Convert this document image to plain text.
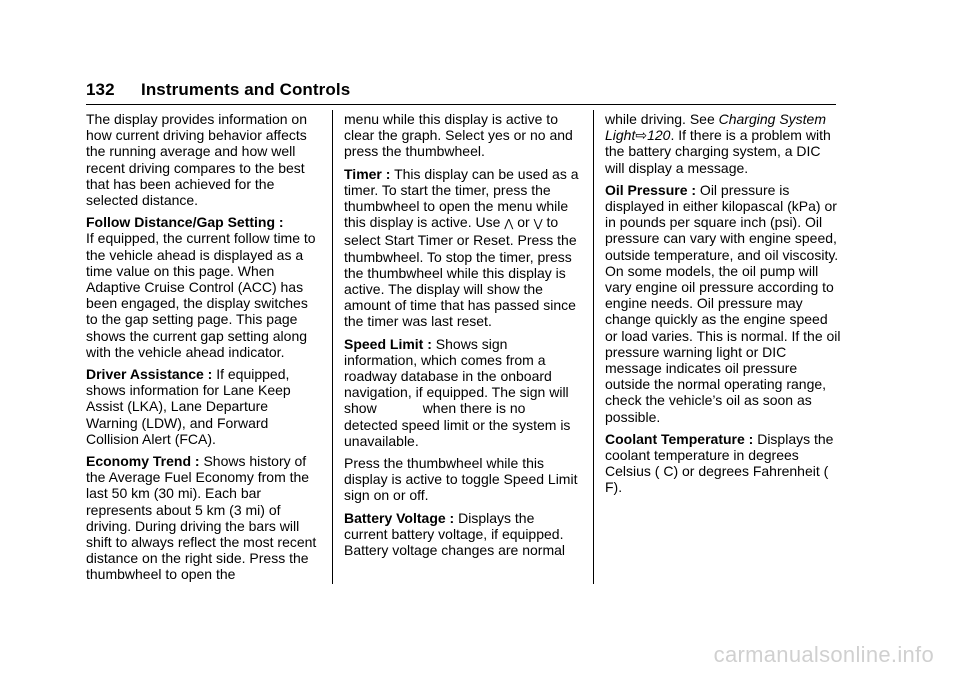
132 Instruments and Controls

The display provides information on how current driving behavior affects the running average and how well recent driving compares to the best that has been achieved for the selected distance.

Follow Distance/Gap Setting :
If equipped, the current follow time to the vehicle ahead is displayed as a time value on this page. When Adaptive Cruise Control (ACC) has been engaged, the display switches to the gap setting page. This page shows the current gap setting along with the vehicle ahead indicator.

Driver Assistance : If equipped, shows information for Lane Keep Assist (LKA), Lane Departure Warning (LDW), and Forward Collision Alert (FCA).

Economy Trend : Shows history of the Average Fuel Economy from the last 50 km (30 mi). Each bar represents about 5 km (3 mi) of driving. During driving the bars will shift to always reflect the most recent distance on the right side. Press the thumbwheel to open the

menu while this display is active to clear the graph. Select yes or no and press the thumbwheel.

Timer : This display can be used as a timer. To start the timer, press the thumbwheel to open the menu while this display is active. Use ⋀ or ⋁ to select Start Timer or Reset. Press the thumbwheel. To stop the timer, press the thumbwheel while this display is active. The display will show the amount of time that has passed since the timer was last reset.

Speed Limit : Shows sign information, which comes from a roadway database in the onboard navigation, if equipped. The sign will show	when there is no detected speed limit or the system is unavailable.

Press the thumbwheel while this display is active to toggle Speed Limit sign on or off.

Battery Voltage : Displays the current battery voltage, if equipped. Battery voltage changes are normal

while driving. See Charging System Light⇨120. If there is a problem with the battery charging system, a DIC will display a message.

Oil Pressure : Oil pressure is displayed in either kilopascal (kPa) or in pounds per square inch (psi). Oil pressure can vary with engine speed, outside temperature, and oil viscosity. On some models, the oil pump will vary engine oil pressure according to engine needs. Oil pressure may change quickly as the engine speed or load varies. This is normal. If the oil pressure warning light or DIC message indicates oil pressure outside the normal operating range, check the vehicle’s oil as soon as possible.

Coolant Temperature : Displays the coolant temperature in degrees Celsius ( C) or degrees Fahrenheit ( F).

carmanualsonline.info
